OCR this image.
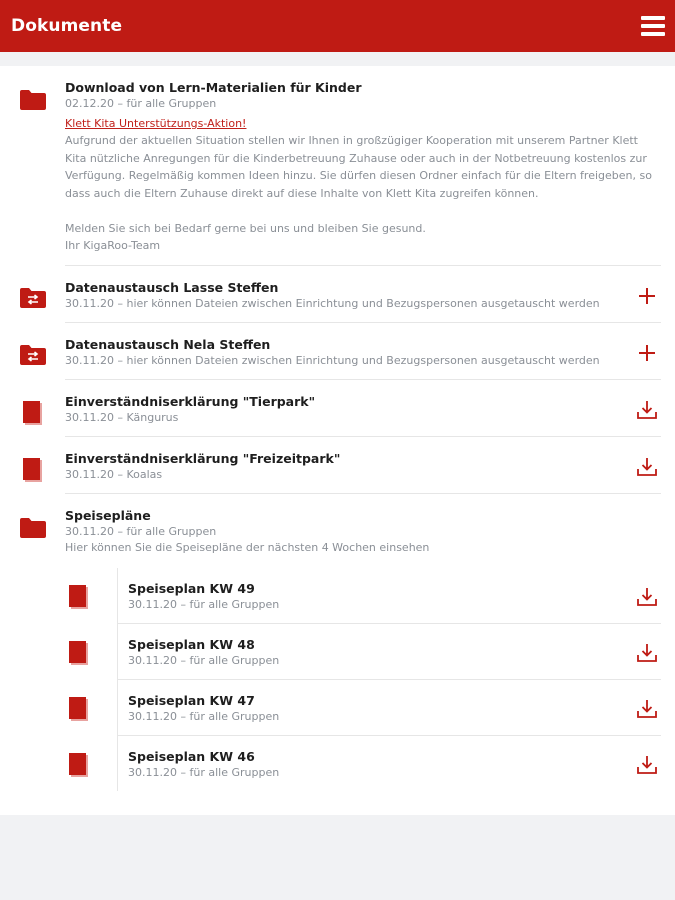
Dokumente
Download von Lern-Materialien für Kinder
02.12.20 – für alle Gruppen
Klett Kita Unterstützungs-Aktion!
Aufgrund der aktuellen Situation stellen wir Ihnen in großzügiger Kooperation mit unserem Partner Klett Kita nützliche Anregungen für die Kinderbetreuung Zuhause oder auch in der Notbetreuung kostenlos zur Verfügung. Regelmäßig kommen Ideen hinzu. Sie dürfen diesen Ordner einfach für die Eltern freigeben, so dass auch die Eltern Zuhause direkt auf diese Inhalte von Klett Kita zugreifen können.

Melden Sie sich bei Bedarf gerne bei uns und bleiben Sie gesund.
Ihr KigaRoo-Team
Datenaustausch Lasse Steffen
30.11.20 – hier können Dateien zwischen Einrichtung und Bezugspersonen ausgetauscht werden
Datenaustausch Nela Steffen
30.11.20 – hier können Dateien zwischen Einrichtung und Bezugspersonen ausgetauscht werden
Einverständniserklärung "Tierpark"
30.11.20 – Kängurus
Einverständniserklärung "Freizeitpark"
30.11.20 – Koalas
Speisepläne
30.11.20 – für alle Gruppen
Hier können Sie die Speisepläne der nächsten 4 Wochen einsehen
Speiseplan KW 49
30.11.20 – für alle Gruppen
Speiseplan KW 48
30.11.20 – für alle Gruppen
Speiseplan KW 47
30.11.20 – für alle Gruppen
Speiseplan KW 46
30.11.20 – für alle Gruppen
